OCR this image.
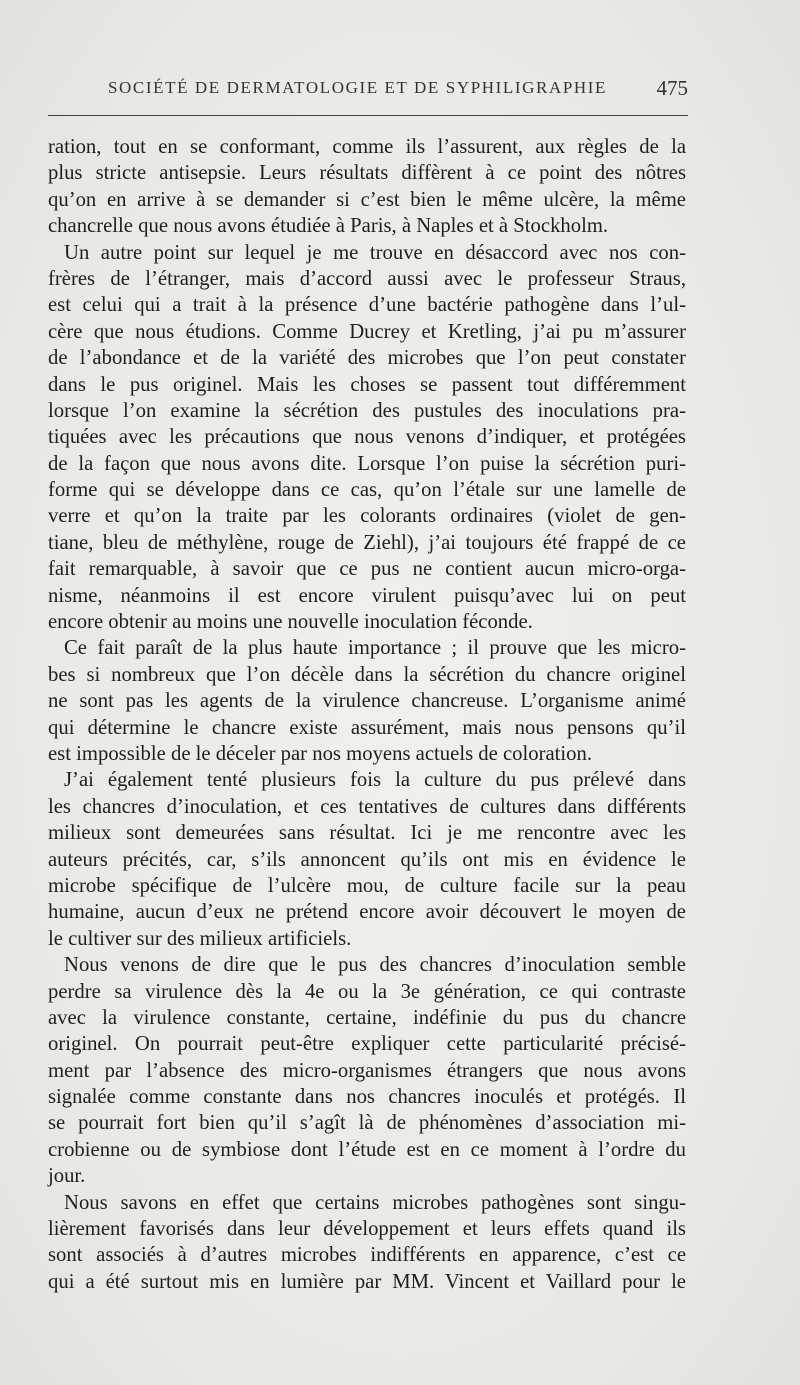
SOCIÉTÉ DE DERMATOLOGIE ET DE SYPHILIGRAPHIE 475
ration, tout en se conformant, comme ils l’assurent, aux règles de la
plus stricte antisepsie. Leurs résultats diffèrent à ce point des nôtres
qu’on en arrive à se demander si c’est bien le même ulcère, la même
chancrelle que nous avons étudiée à Paris, à Naples et à Stockholm.
Un autre point sur lequel je me trouve en désaccord avec nos con-
frères de l’étranger, mais d’accord aussi avec le professeur Straus,
est celui qui a trait à la présence d’une bactérie pathogène dans l’ul-
cère que nous étudions. Comme Ducrey et Kretling, j’ai pu m’assurer
de l’abondance et de la variété des microbes que l’on peut constater
dans le pus originel. Mais les choses se passent tout différemment
lorsque l’on examine la sécrétion des pustules des inoculations pra-
tiquées avec les précautions que nous venons d’indiquer, et protégées
de la façon que nous avons dite. Lorsque l’on puise la sécrétion puri-
forme qui se développe dans ce cas, qu’on l’étale sur une lamelle de
verre et qu’on la traite par les colorants ordinaires (violet de gen-
tiane, bleu de méthylène, rouge de Ziehl), j’ai toujours été frappé de ce
fait remarquable, à savoir que ce pus ne contient aucun micro-orga-
nisme, néanmoins il est encore virulent puisqu’avec lui on peut
encore obtenir au moins une nouvelle inoculation féconde.
Ce fait paraît de la plus haute importance ; il prouve que les micro-
bes si nombreux que l’on décèle dans la sécrétion du chancre originel
ne sont pas les agents de la virulence chancreuse. L’organisme animé
qui détermine le chancre existe assurément, mais nous pensons qu’il
est impossible de le déceler par nos moyens actuels de coloration.
J’ai également tenté plusieurs fois la culture du pus prélevé dans
les chancres d’inoculation, et ces tentatives de cultures dans différents
milieux sont demeurées sans résultat. Ici je me rencontre avec les
auteurs précités, car, s’ils annoncent qu’ils ont mis en évidence le
microbe spécifique de l’ulcère mou, de culture facile sur la peau
humaine, aucun d’eux ne prétend encore avoir découvert le moyen de
le cultiver sur des milieux artificiels.
Nous venons de dire que le pus des chancres d’inoculation semble
perdre sa virulence dès la 4e ou la 3e génération, ce qui contraste
avec la virulence constante, certaine, indéfinie du pus du chancre
originel. On pourrait peut-être expliquer cette particularité précisé-
ment par l’absence des micro-organismes étrangers que nous avons
signalée comme constante dans nos chancres inoculés et protégés. Il
se pourrait fort bien qu’il s’agît là de phénomènes d’association mi-
crobienne ou de symbiose dont l’étude est en ce moment à l’ordre du
jour.
Nous savons en effet que certains microbes pathogènes sont singu-
lièrement favorisés dans leur développement et leurs effets quand ils
sont associés à d’autres microbes indifférents en apparence, c’est ce
qui a été surtout mis en lumière par MM. Vincent et Vaillard pour le
